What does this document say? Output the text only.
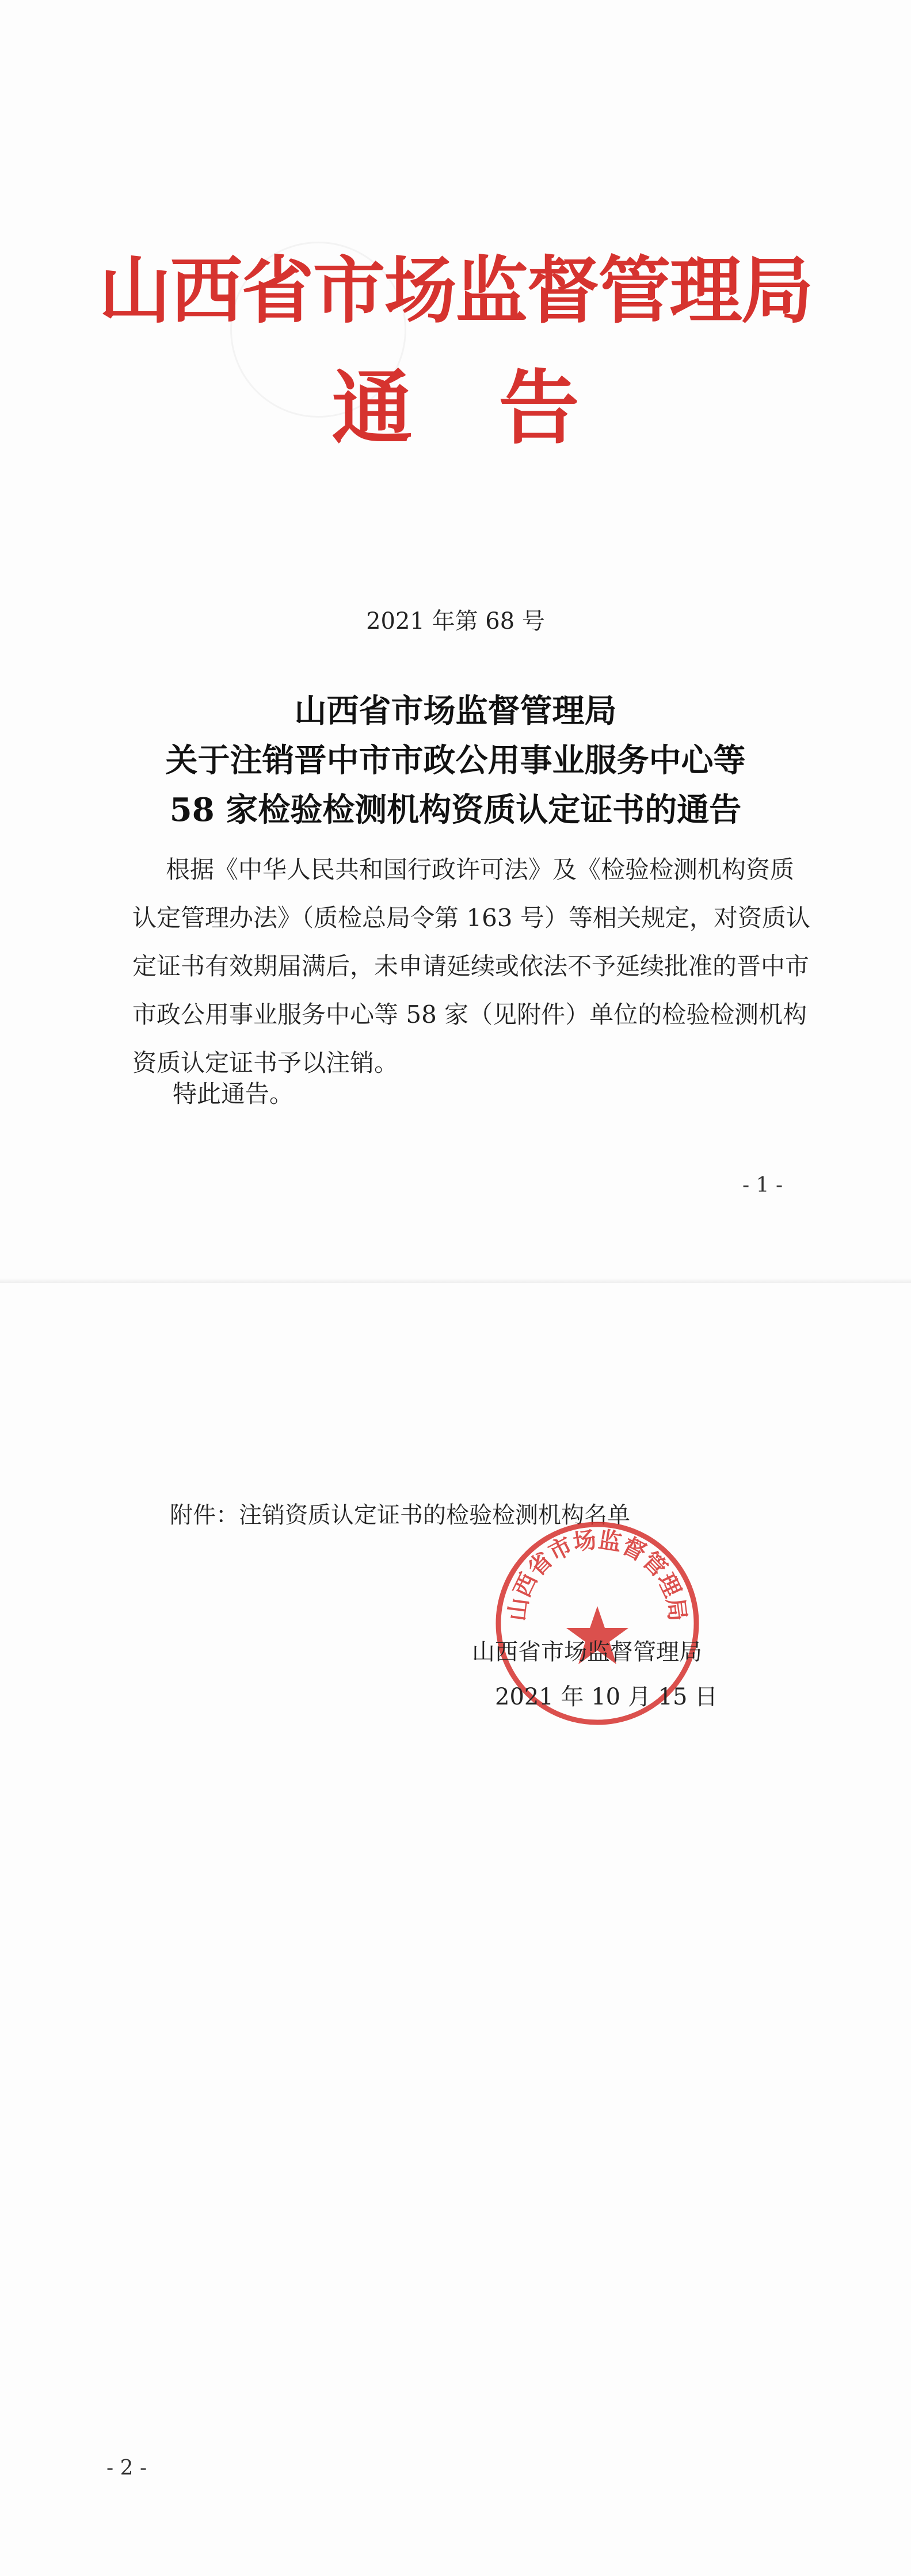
山西省市场监督管理局
通告
2021 年第 68 号
山西省市场监督管理局
关于注销晋中市市政公用事业服务中心等
58 家检验检测机构资质认定证书的通告
根据《中华人民共和国行政许可法》及《检验检测机构资质
认定管理办法》（质检总局令第 163 号）等相关规定，对资质认
定证书有效期届满后，未申请延续或依法不予延续批准的晋中市
市政公用事业服务中心等 58 家（见附件）单位的检验检测机构
资质认定证书予以注销。
特此通告。
- 1 -
附件：注销资质认定证书的检验检测机构名单
山西省市场监督管理局
山西省市场监督管理局
2021 年 10 月 15 日
- 2 -
